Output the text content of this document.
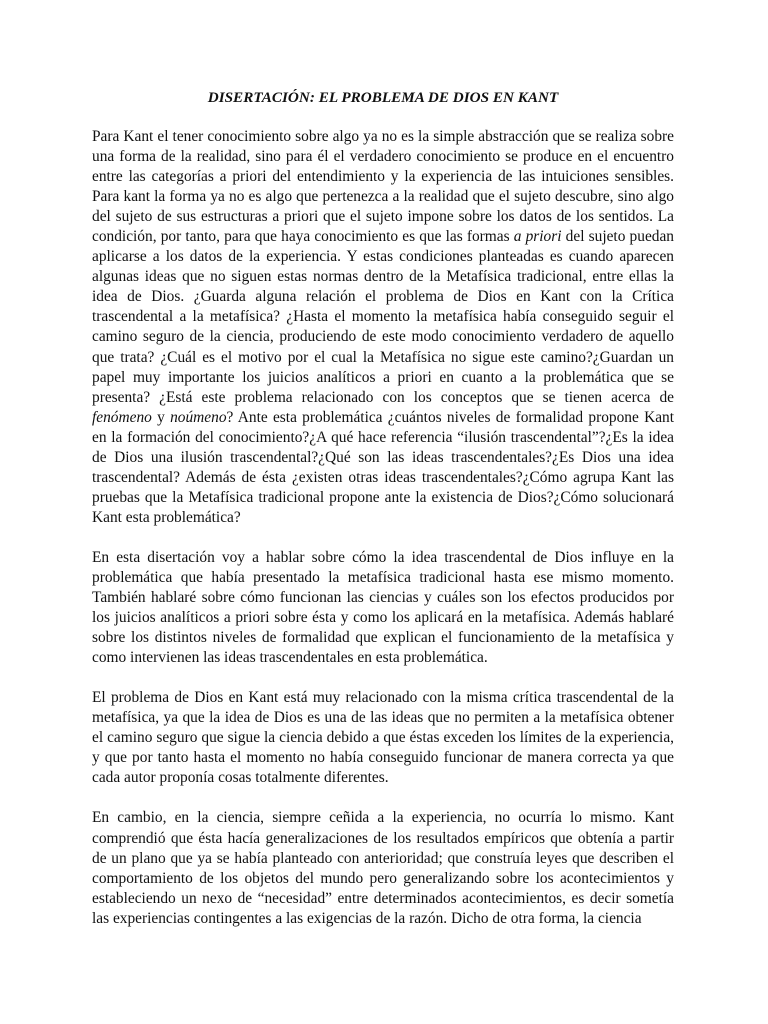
DISERTACIÓN: EL PROBLEMA DE DIOS EN KANT

Para Kant el tener conocimiento sobre algo ya no es la simple abstracción que se realiza sobre una forma de la realidad, sino para él el verdadero conocimiento se produce en el encuentro entre las categorías a priori del entendimiento y la experiencia de las intuiciones sensibles. Para kant la forma ya no es algo que pertenezca a la realidad que el sujeto descubre, sino algo del sujeto de sus estructuras a priori que el sujeto impone sobre los datos de los sentidos. La condición, por tanto, para que haya conocimiento es que las formas a priori del sujeto puedan aplicarse a los datos de la experiencia. Y estas condiciones planteadas es cuando aparecen algunas ideas que no siguen estas normas dentro de la Metafísica tradicional, entre ellas la idea de Dios. ¿Guarda alguna relación el problema de Dios en Kant con la Crítica trascendental a la metafísica? ¿Hasta el momento la metafísica había conseguido seguir el camino seguro de la ciencia, produciendo de este modo conocimiento verdadero de aquello que trata? ¿Cuál es el motivo por el cual la Metafísica no sigue este camino?¿Guardan un papel muy importante los juicios analíticos a priori en cuanto a la problemática que se presenta? ¿Está este problema relacionado con los conceptos que se tienen acerca de fenómeno y noúmeno? Ante esta problemática ¿cuántos niveles de formalidad propone Kant en la formación del conocimiento?¿A qué hace referencia “ilusión trascendental”?¿Es la idea de Dios una ilusión trascendental?¿Qué son las ideas trascendentales?¿Es Dios una idea trascendental? Además de ésta ¿existen otras ideas trascendentales?¿Cómo agrupa Kant las pruebas que la Metafísica tradicional propone ante la existencia de Dios?¿Cómo solucionará Kant esta problemática?

En esta disertación voy a hablar sobre cómo la idea trascendental de Dios influye en la problemática que había presentado la metafísica tradicional hasta ese mismo momento. También hablaré sobre cómo funcionan las ciencias y cuáles son los efectos producidos por los juicios analíticos a priori sobre ésta y como los aplicará en la metafísica. Además hablaré sobre los distintos niveles de formalidad que explican el funcionamiento de la metafísica y como intervienen las ideas trascendentales en esta problemática.

El problema de Dios en Kant está muy relacionado con la misma crítica trascendental de la metafísica, ya que la idea de Dios es una de las ideas que no permiten a la metafísica obtener el camino seguro que sigue la ciencia debido a que éstas exceden los límites de la experiencia, y que por tanto hasta el momento no había conseguido funcionar de manera correcta ya que cada autor proponía cosas totalmente diferentes.

En cambio, en la ciencia, siempre ceñida a la experiencia, no ocurría lo mismo. Kant comprendió que ésta hacía generalizaciones de los resultados empíricos que obtenía a partir de un plano que ya se había planteado con anterioridad; que construía leyes que describen el comportamiento de los objetos del mundo pero generalizando sobre los acontecimientos y estableciendo un nexo de “necesidad” entre determinados acontecimientos, es decir sometía las experiencias contingentes a las exigencias de la razón. Dicho de otra forma, la ciencia
